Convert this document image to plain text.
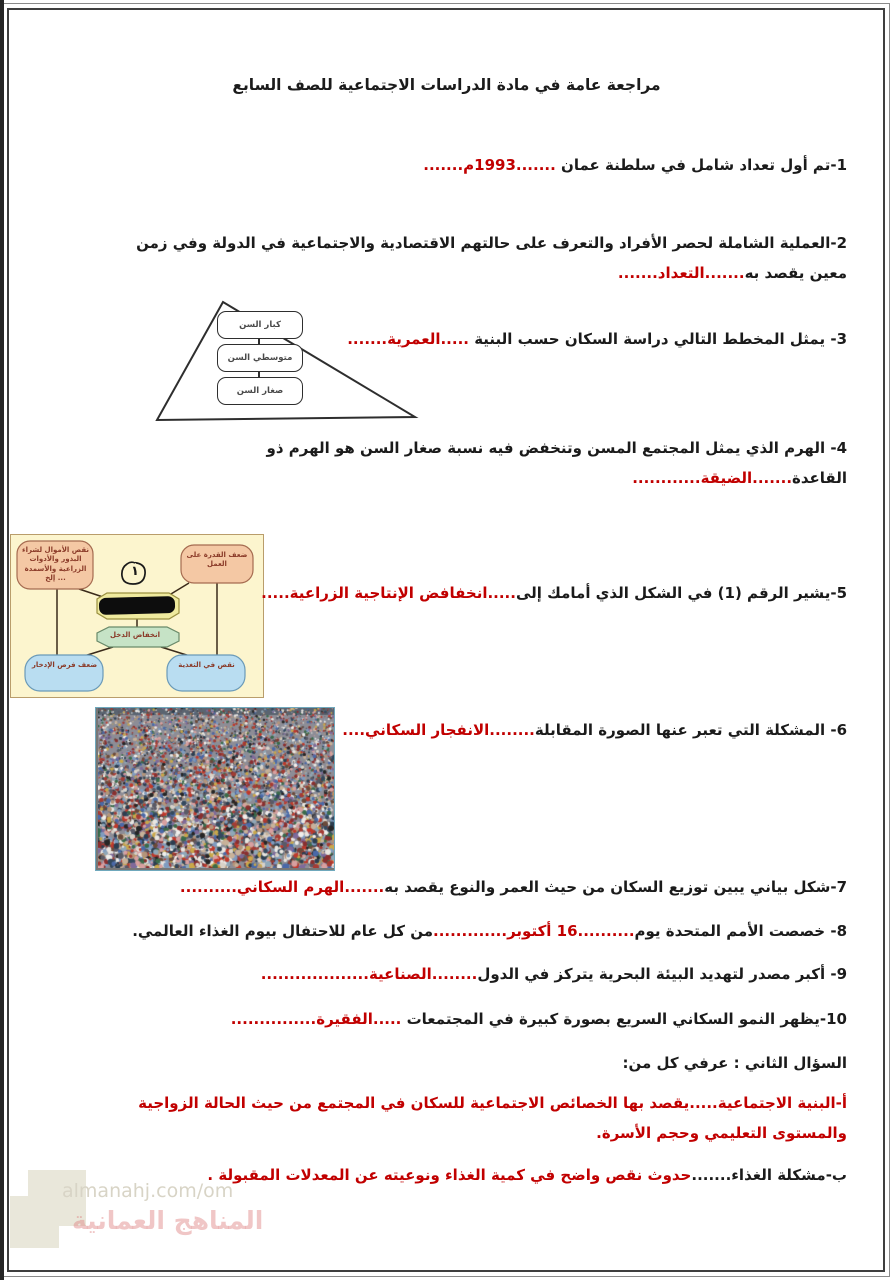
مراجعة عامة في مادة الدراسات الاجتماعية للصف السابع
1-تم أول تعداد شامل في سلطنة عمان .......1993م.......
2-العملية الشاملة لحصر الأفراد والتعرف على حالتهم الاقتصادية والاجتماعية في الدولة وفي زمن معين يقصد به.......التعداد.......
كبار السن
متوسطي السن
صغار السن
3- يمثل المخطط التالي دراسة السكان حسب البنية .....العمرية.......
4- الهرم الذي يمثل المجتمع المسن وتنخفض فيه نسبة صغار السن هو الهرم ذو القاعدة.......الضيقة............
نقص الأموال لشراء البذور والأدوات الزراعية والأسمدة ... إلخ
ضعف القدرة على العمل
١
انخفاض الدخل
ضعف فرص الإدخار	نقص في التغذية
5-يشير الرقم (1) في الشكل الذي أمامك إلى.....انخفافض الإنتاجية الزراعية.....
6- المشكلة التي تعبر عنها الصورة المقابلة........الانفجار السكاني....
7-شكل بياني يبين توزيع السكان من حيث العمر والنوع يقصد به.......الهرم السكاني..........
8- خصصت الأمم المتحدة يوم..........16 أكتوبر.............من كل عام للاحتفال بيوم الغذاء العالمي.
9- أكبر مصدر لتهديد البيئة البحرية يتركز في الدول........الصناعية...................
10-يظهر النمو السكاني السريع بصورة كبيرة في المجتمعات .....الفقيرة...............
السؤال الثاني : عرفي كل من:
أ-البنية الاجتماعية.....يقصد بها الخصائص الاجتماعية للسكان في المجتمع من حيث الحالة الزواجية والمستوى التعليمي وحجم الأسرة.
ب-مشكلة الغذاء.......حدوث نقص واضح في كمية الغذاء ونوعيته عن المعدلات المقبولة .
almanahj.com/om
المناهج العمانية
